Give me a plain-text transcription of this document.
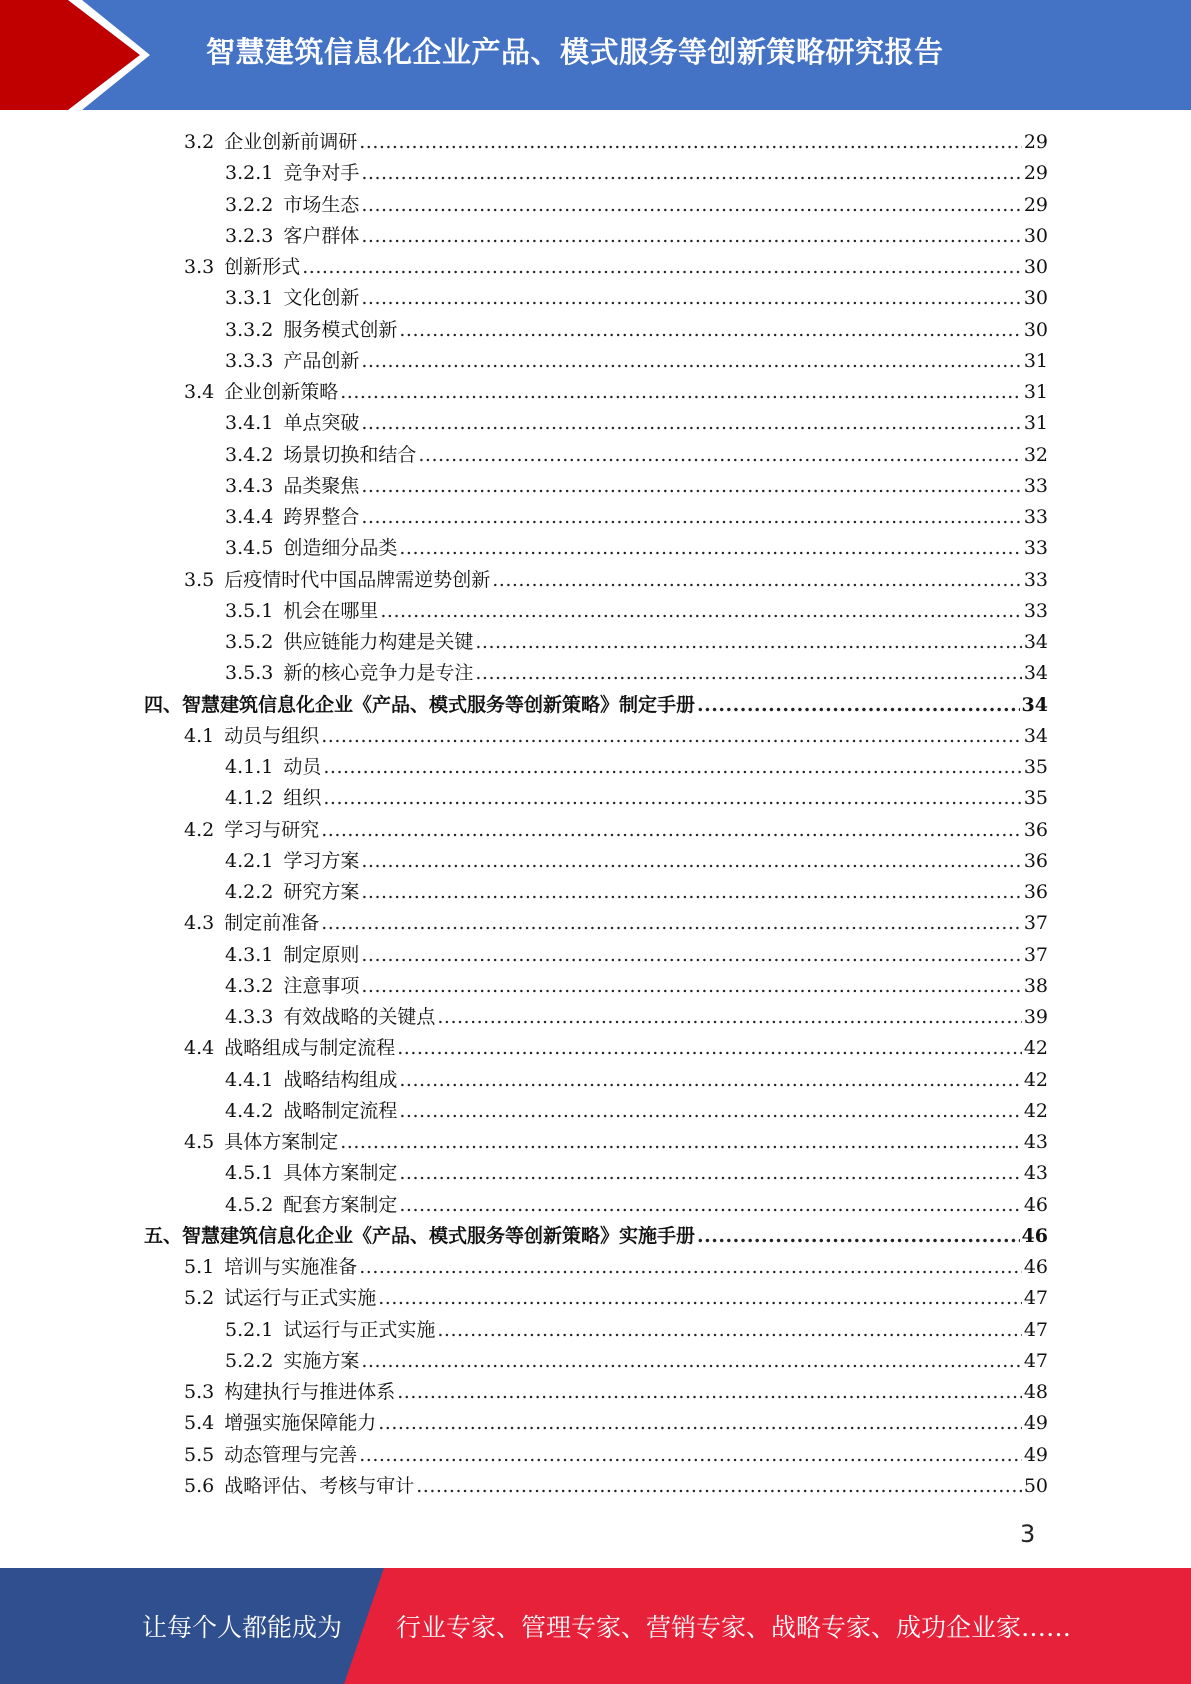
智慧建筑信息化企业产品、模式服务等创新策略研究报告
3.2 企业创新前调研 .....	29
3.2.1 竞争对手 .....	29
3.2.2 市场生态 .....	29
3.2.3 客户群体 .....	30
3.3 创新形式 .....	30
3.3.1 文化创新 .....	30
3.3.2 服务模式创新 .....	30
3.3.3 产品创新 .....	31
3.4 企业创新策略 .....	31
3.4.1 单点突破 .....	31
3.4.2 场景切换和结合 .....	32
3.4.3 品类聚焦 .....	33
3.4.4 跨界整合 .....	33
3.4.5 创造细分品类 .....	33
3.5 后疫情时代中国品牌需逆势创新 .....	33
3.5.1 机会在哪里 .....	33
3.5.2 供应链能力构建是关键 .....	34
3.5.3 新的核心竞争力是专注 .....	34
四、智慧建筑信息化企业《产品、模式服务等创新策略》制定手册 .....	34
4.1 动员与组织 .....	34
4.1.1 动员 .....	35
4.1.2 组织 .....	35
4.2 学习与研究 .....	36
4.2.1 学习方案 .....	36
4.2.2 研究方案 .....	36
4.3 制定前准备 .....	37
4.3.1 制定原则 .....	37
4.3.2 注意事项 .....	38
4.3.3 有效战略的关键点 .....	39
4.4 战略组成与制定流程 .....	42
4.4.1 战略结构组成 .....	42
4.4.2 战略制定流程 .....	42
4.5 具体方案制定 .....	43
4.5.1 具体方案制定 .....	43
4.5.2 配套方案制定 .....	46
五、智慧建筑信息化企业《产品、模式服务等创新策略》实施手册 .....	46
5.1 培训与实施准备 .....	46
5.2 试运行与正式实施 .....	47
5.2.1 试运行与正式实施 .....	47
5.2.2 实施方案 .....	47
5.3 构建执行与推进体系 .....	48
5.4 增强实施保障能力 .....	49
5.5 动态管理与完善 .....	49
5.6 战略评估、考核与审计 .....	50
3
让每个人都能成为 行业专家、管理专家、营销专家、战略专家、成功企业家……
